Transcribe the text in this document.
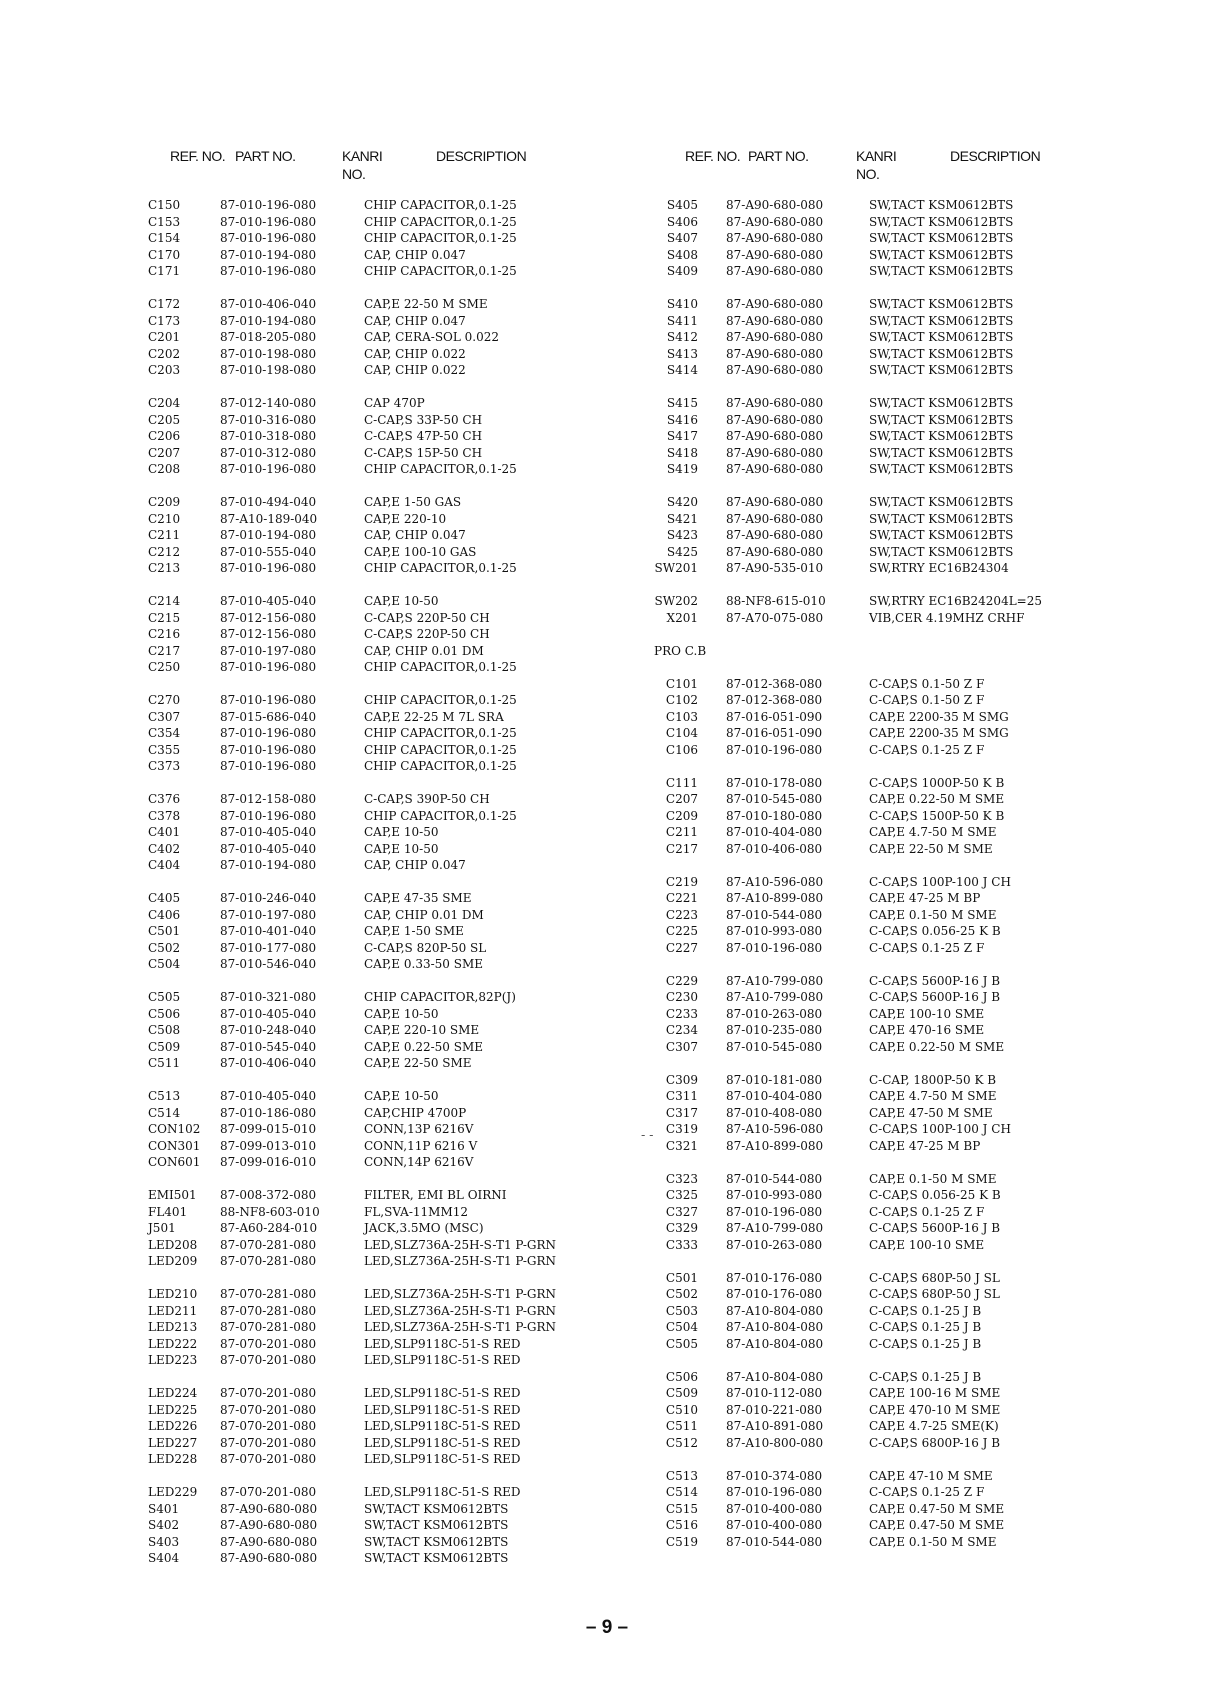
REF. NO. PART NO.	KANRI
NO.
DESCRIPTION	REF. NO. PART NO.	KANRI
NO.
DESCRIPTION
C150	87-010-196-080	CHIP CAPACITOR,0.1-25
C153	87-010-196-080	CHIP CAPACITOR,0.1-25
C154	87-010-196-080	CHIP CAPACITOR,0.1-25
C170	87-010-194-080	CAP, CHIP 0.047
C171	87-010-196-080	CHIP CAPACITOR,0.1-25
C172	87-010-406-040	CAP,E 22-50 M SME
C173	87-010-194-080	CAP, CHIP 0.047
C201	87-018-205-080	CAP, CERA-SOL 0.022
C202	87-010-198-080	CAP, CHIP 0.022
C203	87-010-198-080	CAP, CHIP 0.022
C204	87-012-140-080	CAP 470P
C205	87-010-316-080	C-CAP,S 33P-50 CH
C206	87-010-318-080	C-CAP,S 47P-50 CH
C207	87-010-312-080	C-CAP,S 15P-50 CH
C208	87-010-196-080	CHIP CAPACITOR,0.1-25
C209	87-010-494-040	CAP,E 1-50 GAS
C210	87-A10-189-040	CAP,E 220-10
C211	87-010-194-080	CAP, CHIP 0.047
C212	87-010-555-040	CAP,E 100-10 GAS
C213	87-010-196-080	CHIP CAPACITOR,0.1-25
C214	87-010-405-040	CAP,E 10-50
C215	87-012-156-080	C-CAP,S 220P-50 CH
C216	87-012-156-080	C-CAP,S 220P-50 CH
C217	87-010-197-080	CAP, CHIP 0.01 DM
C250	87-010-196-080	CHIP CAPACITOR,0.1-25
C270	87-010-196-080	CHIP CAPACITOR,0.1-25
C307	87-015-686-040	CAP,E 22-25 M 7L SRA
C354	87-010-196-080	CHIP CAPACITOR,0.1-25
C355	87-010-196-080	CHIP CAPACITOR,0.1-25
C373	87-010-196-080	CHIP CAPACITOR,0.1-25
C376	87-012-158-080	C-CAP,S 390P-50 CH
C378	87-010-196-080	CHIP CAPACITOR,0.1-25
C401	87-010-405-040	CAP,E 10-50
C402	87-010-405-040	CAP,E 10-50
C404	87-010-194-080	CAP, CHIP 0.047
C405	87-010-246-040	CAP,E 47-35 SME
C406	87-010-197-080	CAP, CHIP 0.01 DM
C501	87-010-401-040	CAP,E 1-50 SME
C502	87-010-177-080	C-CAP,S 820P-50 SL
C504	87-010-546-040	CAP,E 0.33-50 SME
C505	87-010-321-080	CHIP CAPACITOR,82P(J)
C506	87-010-405-040	CAP,E 10-50
C508	87-010-248-040	CAP,E 220-10 SME
C509	87-010-545-040	CAP,E 0.22-50 SME
C511	87-010-406-040	CAP,E 22-50 SME
C513	87-010-405-040	CAP,E 10-50
C514	87-010-186-080	CAP,CHIP 4700P
CON102 87-099-015-010	CONN,13P 6216V
CON301 87-099-013-010	CONN,11P 6216 V
CON601 87-099-016-010	CONN,14P 6216V
EMI501 87-008-372-080	FILTER, EMI BL OIRNI
FL401	88-NF8-603-010	FL,SVA-11MM12
J501	87-A60-284-010	JACK,3.5MO (MSC)
LED208 87-070-281-080	LED,SLZ736A-25H-S-T1 P-GRN
LED209 87-070-281-080	LED,SLZ736A-25H-S-T1 P-GRN
LED210 87-070-281-080	LED,SLZ736A-25H-S-T1 P-GRN
LED211 87-070-281-080	LED,SLZ736A-25H-S-T1 P-GRN
LED213 87-070-281-080	LED,SLZ736A-25H-S-T1 P-GRN
LED222 87-070-201-080	LED,SLP9118C-51-S RED
LED223 87-070-201-080	LED,SLP9118C-51-S RED
LED224 87-070-201-080	LED,SLP9118C-51-S RED
LED225 87-070-201-080	LED,SLP9118C-51-S RED
LED226 87-070-201-080	LED,SLP9118C-51-S RED
LED227 87-070-201-080	LED,SLP9118C-51-S RED
LED228 87-070-201-080	LED,SLP9118C-51-S RED
LED229 87-070-201-080	LED,SLP9118C-51-S RED
S401	87-A90-680-080	SW,TACT KSM0612BTS
S402	87-A90-680-080	SW,TACT KSM0612BTS
S403	87-A90-680-080	SW,TACT KSM0612BTS
S404	87-A90-680-080	SW,TACT KSM0612BTS
S405 87-A90-680-080	SW,TACT KSM0612BTS
S406 87-A90-680-080	SW,TACT KSM0612BTS
S407 87-A90-680-080	SW,TACT KSM0612BTS
S408 87-A90-680-080	SW,TACT KSM0612BTS
S409 87-A90-680-080	SW,TACT KSM0612BTS
S410 87-A90-680-080	SW,TACT KSM0612BTS
S411 87-A90-680-080	SW,TACT KSM0612BTS
S412 87-A90-680-080	SW,TACT KSM0612BTS
S413 87-A90-680-080	SW,TACT KSM0612BTS
S414 87-A90-680-080	SW,TACT KSM0612BTS
S415 87-A90-680-080	SW,TACT KSM0612BTS
S416 87-A90-680-080	SW,TACT KSM0612BTS
S417 87-A90-680-080	SW,TACT KSM0612BTS
S418 87-A90-680-080	SW,TACT KSM0612BTS
S419 87-A90-680-080	SW,TACT KSM0612BTS
S420 87-A90-680-080	SW,TACT KSM0612BTS
S421 87-A90-680-080	SW,TACT KSM0612BTS
S423 87-A90-680-080	SW,TACT KSM0612BTS
S425 87-A90-680-080	SW,TACT KSM0612BTS
SW201 87-A90-535-010	SW,RTRY EC16B24304
SW202 88-NF8-615-010	SW,RTRY EC16B24204L=25
X201 87-A70-075-080	VIB,CER 4.19MHZ CRHF
PRO C.B
C101 87-012-368-080	C-CAP,S 0.1-50 Z F
C102 87-012-368-080	C-CAP,S 0.1-50 Z F
C103 87-016-051-090	CAP,E 2200-35 M SMG
C104 87-016-051-090	CAP,E 2200-35 M SMG
C106 87-010-196-080	C-CAP,S 0.1-25 Z F
C111 87-010-178-080	C-CAP,S 1000P-50 K B
C207 87-010-545-080	CAP,E 0.22-50 M SME
C209 87-010-180-080	C-CAP,S 1500P-50 K B
C211 87-010-404-080	CAP,E 4.7-50 M SME
C217 87-010-406-080	CAP,E 22-50 M SME
C219 87-A10-596-080	C-CAP,S 100P-100 J CH
C221 87-A10-899-080	CAP,E 47-25 M BP
C223 87-010-544-080	CAP,E 0.1-50 M SME
C225 87-010-993-080	C-CAP,S 0.056-25 K B
C227 87-010-196-080	C-CAP,S 0.1-25 Z F
C229 87-A10-799-080	C-CAP,S 5600P-16 J B
C230 87-A10-799-080	C-CAP,S 5600P-16 J B
C233 87-010-263-080	CAP,E 100-10 SME
C234 87-010-235-080	CAP,E 470-16 SME
C307 87-010-545-080	CAP,E 0.22-50 M SME
C309 87-010-181-080	C-CAP, 1800P-50 K B
C311 87-010-404-080	CAP,E 4.7-50 M SME
C317 87-010-408-080	CAP,E 47-50 M SME
C319 87-A10-596-080	C-CAP,S 100P-100 J CH
C321 87-A10-899-080	CAP,E 47-25 M BP
C323 87-010-544-080	CAP,E 0.1-50 M SME
C325 87-010-993-080	C-CAP,S 0.056-25 K B
C327 87-010-196-080	C-CAP,S 0.1-25 Z F
C329 87-A10-799-080	C-CAP,S 5600P-16 J B
C333 87-010-263-080	CAP,E 100-10 SME
C501 87-010-176-080	C-CAP,S 680P-50 J SL
C502 87-010-176-080	C-CAP,S 680P-50 J SL
C503 87-A10-804-080	C-CAP,S 0.1-25 J B
C504 87-A10-804-080	C-CAP,S 0.1-25 J B
C505 87-A10-804-080	C-CAP,S 0.1-25 J B
C506 87-A10-804-080	C-CAP,S 0.1-25 J B
C509 87-010-112-080	CAP,E 100-16 M SME
C510 87-010-221-080	CAP,E 470-10 M SME
C511 87-A10-891-080	CAP,E 4.7-25 SME(K)
C512 87-A10-800-080	C-CAP,S 6800P-16 J B
C513 87-010-374-080	CAP,E 47-10 M SME
C514 87-010-196-080	C-CAP,S 0.1-25 Z F
C515 87-010-400-080	CAP,E 0.47-50 M SME
C516 87-010-400-080	CAP,E 0.47-50 M SME
C519 87-010-544-080	CAP,E 0.1-50 M SME
- -
– 9 –
